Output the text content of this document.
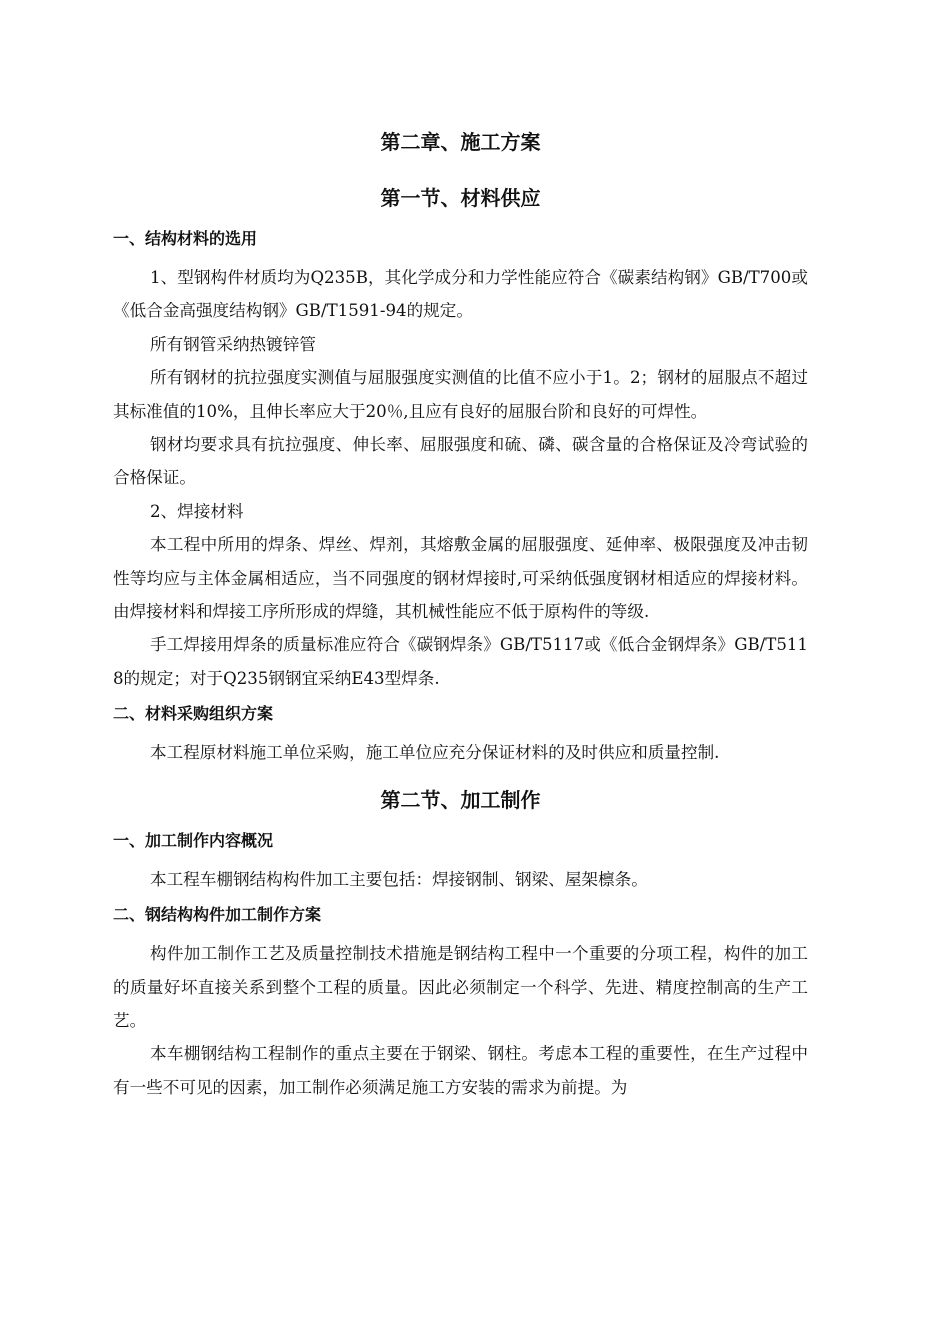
第二章、施工方案
第一节、材料供应
一、结构材料的选用

1、型钢构件材质均为Q235B，其化学成分和力学性能应符合《碳素结构钢》GB/T700或《低合金高强度结构钢》GB/T1591-94的规定。

所有钢管采纳热镀锌管

所有钢材的抗拉强度实测值与屈服强度实测值的比值不应小于1。2；钢材的屈服点不超过其标准值的10%，且伸长率应大于20％,且应有良好的屈服台阶和良好的可焊性。

钢材均要求具有抗拉强度、伸长率、屈服强度和硫、磷、碳含量的合格保证及冷弯试验的合格保证。

2、焊接材料

本工程中所用的焊条、焊丝、焊剂，其熔敷金属的屈服强度、延伸率、极限强度及冲击韧性等均应与主体金属相适应，当不同强度的钢材焊接时,可采纳低强度钢材相适应的焊接材料。由焊接材料和焊接工序所形成的焊缝，其机械性能应不低于原构件的等级.

手工焊接用焊条的质量标准应符合《碳钢焊条》GB/T5117或《低合金钢焊条》GB/T5118的规定；对于Q235钢钢宜采纳E43型焊条.

二、材料采购组织方案

本工程原材料施工单位采购，施工单位应充分保证材料的及时供应和质量控制.

第二节、加工制作
一、加工制作内容概况

本工程车棚钢结构构件加工主要包括：焊接钢制、钢梁、屋架檩条。

二、钢结构构件加工制作方案

构件加工制作工艺及质量控制技术措施是钢结构工程中一个重要的分项工程，构件的加工的质量好坏直接关系到整个工程的质量。因此必须制定一个科学、先进、精度控制高的生产工艺。

本车棚钢结构工程制作的重点主要在于钢梁、钢柱。考虑本工程的重要性，在生产过程中有一些不可见的因素，加工制作必须满足施工方安装的需求为前提。为
